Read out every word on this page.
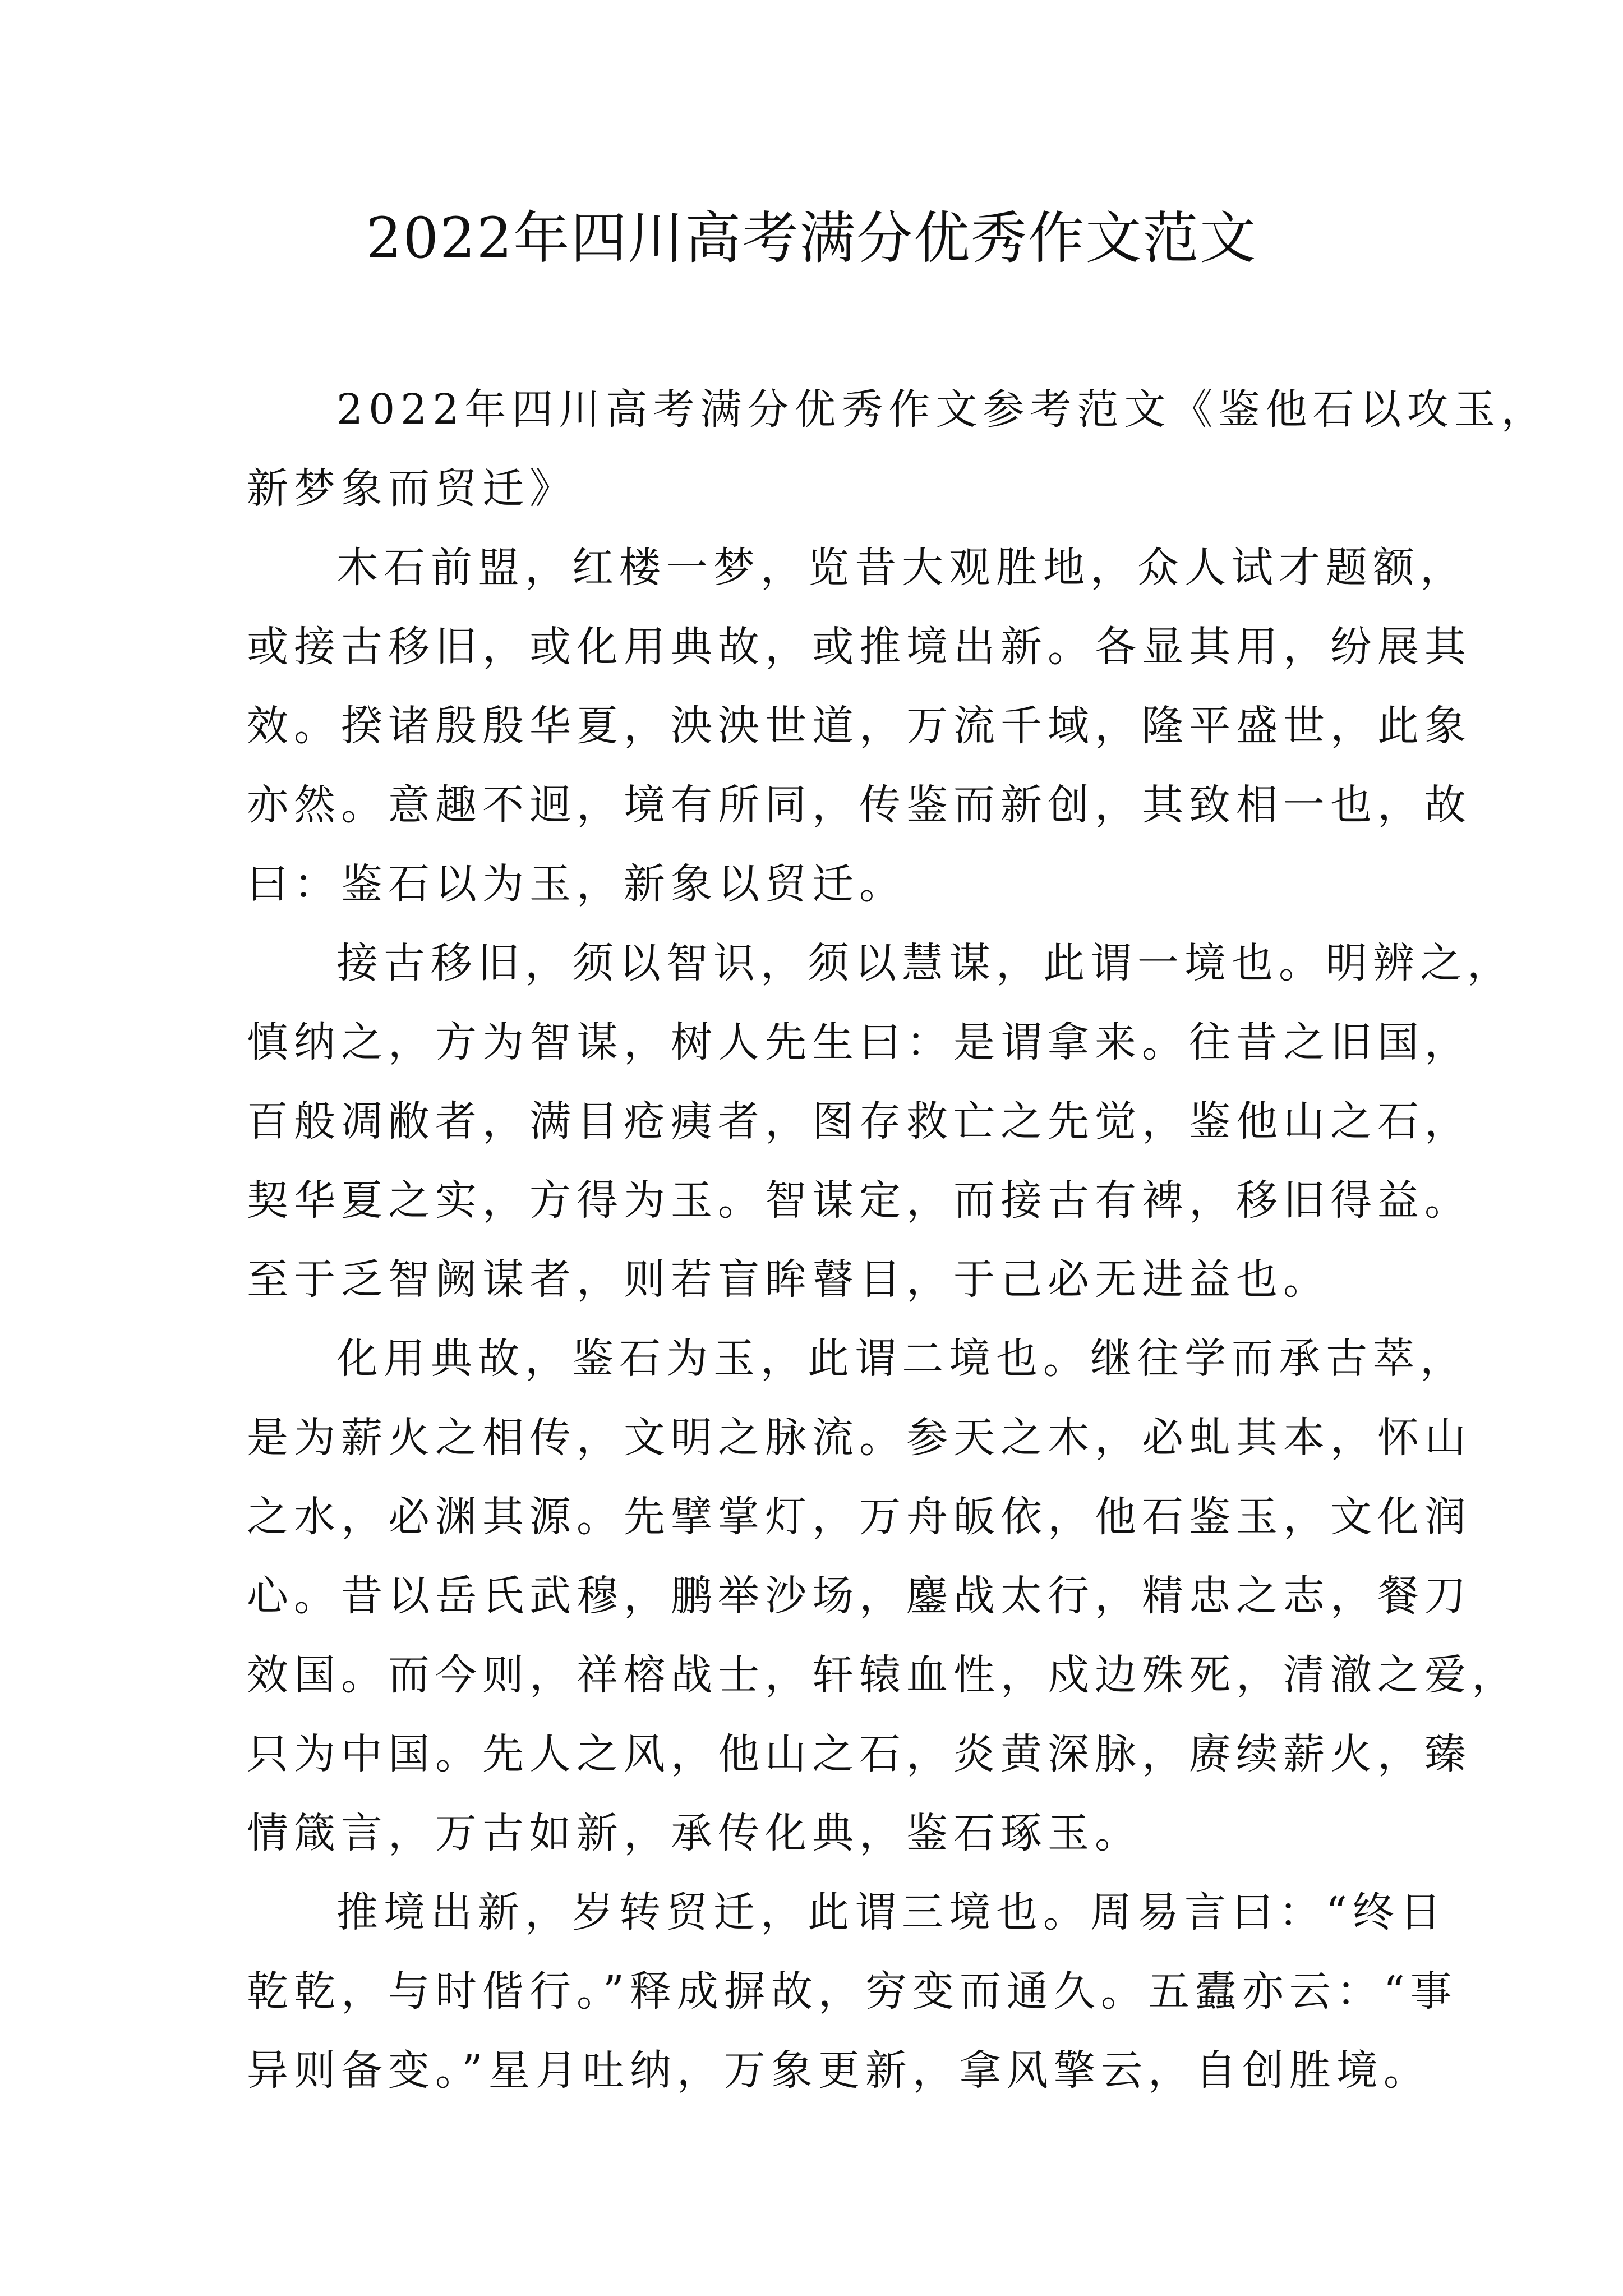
2022年四川高考满分优秀作文范文

2022年四川高考满分优秀作文参考范文《鉴他石以攻玉，
新梦象而贸迁》

木石前盟，红楼一梦，览昔大观胜地，众人试才题额，
或接古移旧，或化用典故，或推境出新。各显其用，纷展其
效。揆诸殷殷华夏，泱泱世道，万流千域，隆平盛世，此象
亦然。意趣不迥，境有所同，传鉴而新创，其致相一也，故
曰：鉴石以为玉，新象以贸迁。

接古移旧，须以智识，须以慧谋，此谓一境也。明辨之，
慎纳之，方为智谋，树人先生曰：是谓拿来。往昔之旧国，
百般凋敝者，满目疮痍者，图存救亡之先觉，鉴他山之石，
契华夏之实，方得为玉。智谋定，而接古有裨，移旧得益。
至于乏智阙谋者，则若盲眸瞽目，于己必无进益也。

化用典故，鉴石为玉，此谓二境也。继往学而承古萃，
是为薪火之相传，文明之脉流。参天之木，必虬其本，怀山
之水，必渊其源。先擘掌灯，万舟皈依，他石鉴玉，文化润
心。昔以岳氏武穆，鹏举沙场，鏖战太行，精忠之志，餐刀
效国。而今则，祥榕战士，轩辕血性，戍边殊死，清澈之爱，
只为中国。先人之风，他山之石，炎黄深脉，赓续薪火，臻
情箴言，万古如新，承传化典，鉴石琢玉。

推境出新，岁转贸迁，此谓三境也。周易言曰：“终日
乾乾，与时偕行。”释成摒故，穷变而通久。五蠹亦云：“事
异则备变。”星月吐纳，万象更新，拿风擎云，自创胜境。
